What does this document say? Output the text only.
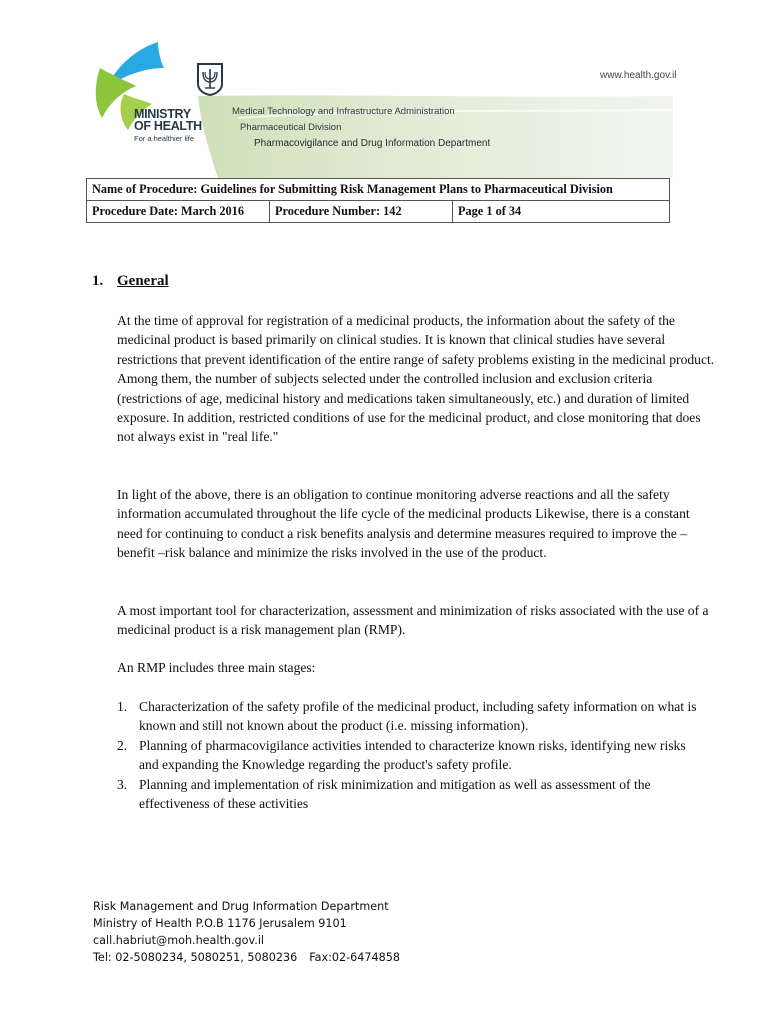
MINISTRY
OF HEALTH
For a healthier life
www.health.gov.il
Medical Technology and Infrastructure Administration
Pharmaceutical Division
Pharmacovigilance and Drug Information Department
Name of Procedure: Guidelines for Submitting Risk Management Plans to Pharmaceutical Division
Procedure Date: March 2016	Procedure Number: 142	Page 1 of 34
1. General
At the time of approval for registration of a medicinal products, the information about the safety of the medicinal product is based primarily on clinical studies. It is known that clinical studies have several restrictions that prevent identification of the entire range of safety problems existing in the medicinal product. Among them, the number of subjects selected under the controlled inclusion and exclusion criteria (restrictions of age, medicinal history and medications taken simultaneously, etc.) and duration of limited exposure. In addition, restricted conditions of use for the medicinal product, and close monitoring that does not always exist in "real life."
In light of the above, there is an obligation to continue monitoring adverse reactions and all the safety information accumulated throughout the life cycle of the medicinal products Likewise, there is a constant need for continuing to conduct a risk benefits analysis and determine measures required to improve the – benefit –risk balance and minimize the risks involved in the use of the product.
A most important tool for characterization, assessment and minimization of risks associated with the use of a medicinal product is a risk management plan (RMP).
An RMP includes three main stages:
1. Characterization of the safety profile of the medicinal product, including safety information on what is known and still not known about the product (i.e. missing information).
2. Planning of pharmacovigilance activities intended to characterize known risks, identifying new risks and expanding the Knowledge regarding the product's safety profile.
3. Planning and implementation of risk minimization and mitigation as well as assessment of the effectiveness of these activities
Risk Management and Drug Information Department
Ministry of Health P.O.B 1176 Jerusalem 9101
call.habriut@moh.health.gov.il
Tel: 02-5080234, 5080251, 5080236 Fax:02-6474858
